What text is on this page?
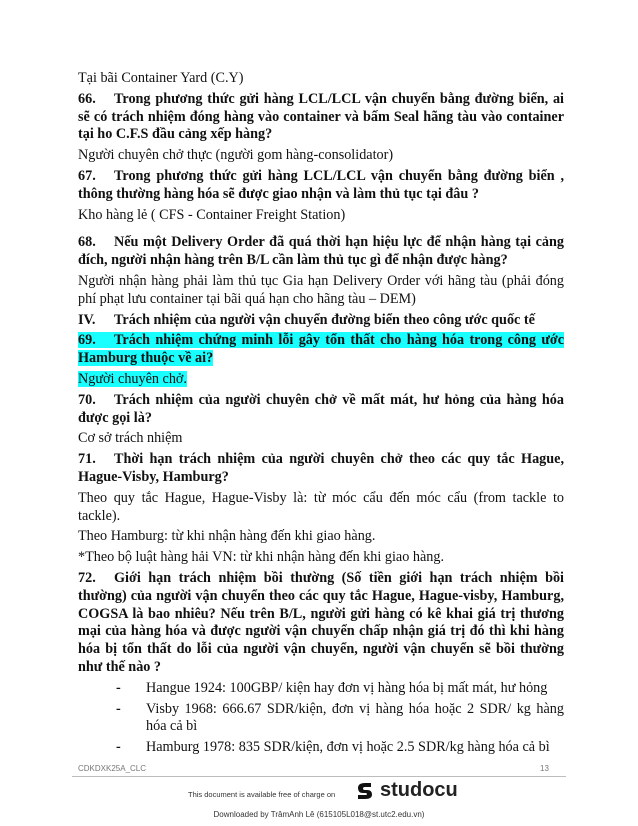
Tại bãi Container Yard (C.Y)

66. Trong phương thức gửi hàng LCL/LCL vận chuyển bằng đường biển, ai sẽ có trách nhiệm đóng hàng vào container và bấm Seal hãng tàu vào container tại ho C.F.S đầu cảng xếp hàng?

Người chuyên chở thực (người gom hàng-consolidator)

67. Trong phương thức gửi hàng LCL/LCL vận chuyển bằng đường biển , thông thường hàng hóa sẽ được giao nhận và làm thủ tục tại đâu ?

Kho hàng lẻ ( CFS - Container Freight Station)

68. Nếu một Delivery Order đã quá thời hạn hiệu lực để nhận hàng tại cảng đích, người nhận hàng trên B/L cần làm thủ tục gì để nhận được hàng?

Người nhận hàng phải làm thủ tục Gia hạn Delivery Order với hãng tàu (phải đóng phí phạt lưu container tại bãi quá hạn cho hãng tàu – DEM)

IV. Trách nhiệm của người vận chuyển đường biển theo công ước quốc tế

69. Trách nhiệm chứng minh lỗi gây tổn thất cho hàng hóa trong công ước Hamburg thuộc về ai?

Người chuyên chở.

70. Trách nhiệm của người chuyên chở về mất mát, hư hỏng của hàng hóa được gọi là?

Cơ sở trách nhiệm

71. Thời hạn trách nhiệm của người chuyên chở theo các quy tắc Hague, Hague-Visby, Hamburg?

Theo quy tắc Hague, Hague-Visby là: từ móc cẩu đến móc cẩu (from tackle to tackle).

Theo Hamburg: từ khi nhận hàng đến khi giao hàng.

*Theo bộ luật hàng hải VN: từ khi nhận hàng đến khi giao hàng.

72. Giới hạn trách nhiệm bồi thường (Số tiền giới hạn trách nhiệm bồi thường) của người vận chuyển theo các quy tắc Hague, Hague-visby, Hamburg, COGSA là bao nhiêu? Nếu trên B/L, người gửi hàng có kê khai giá trị thương mại của hàng hóa và được người vận chuyển chấp nhận giá trị đó thì khi hàng hóa bị tổn thất do lỗi của người vận chuyển, người vận chuyển sẽ bồi thường như thế nào ?

- Hangue 1924: 100GBP/ kiện hay đơn vị hàng hóa bị mất mát, hư hỏng
- Visby 1968: 666.67 SDR/kiện, đơn vị hàng hóa hoặc 2 SDR/ kg hàng hóa cả bì
- Hamburg 1978: 835 SDR/kiện, đơn vị hoặc 2.5 SDR/kg hàng hóa cả bì
CDKDXK25A_CLC	13
This document is available free of charge on studocu
Downloaded by TrâmAnh Lê (615105L018@st.utc2.edu.vn)
